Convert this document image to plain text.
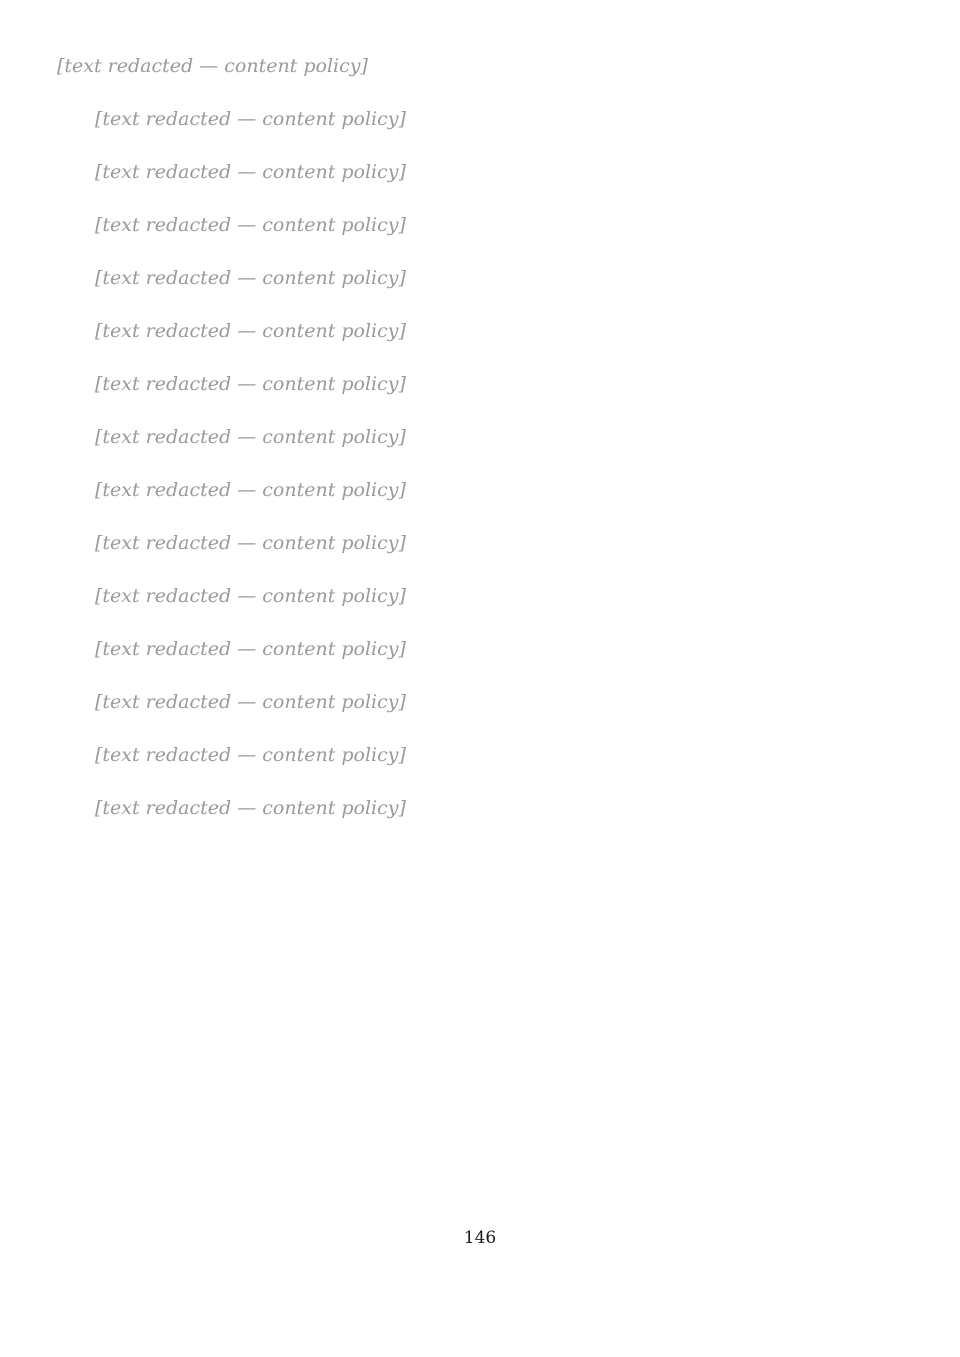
[text redacted — content policy]

[text redacted — content policy]

[text redacted — content policy]

[text redacted — content policy]

[text redacted — content policy]

[text redacted — content policy]

[text redacted — content policy]

[text redacted — content policy]

[text redacted — content policy]

[text redacted — content policy]

[text redacted — content policy]

[text redacted — content policy]

[text redacted — content policy]

[text redacted — content policy]

[text redacted — content policy]

146
